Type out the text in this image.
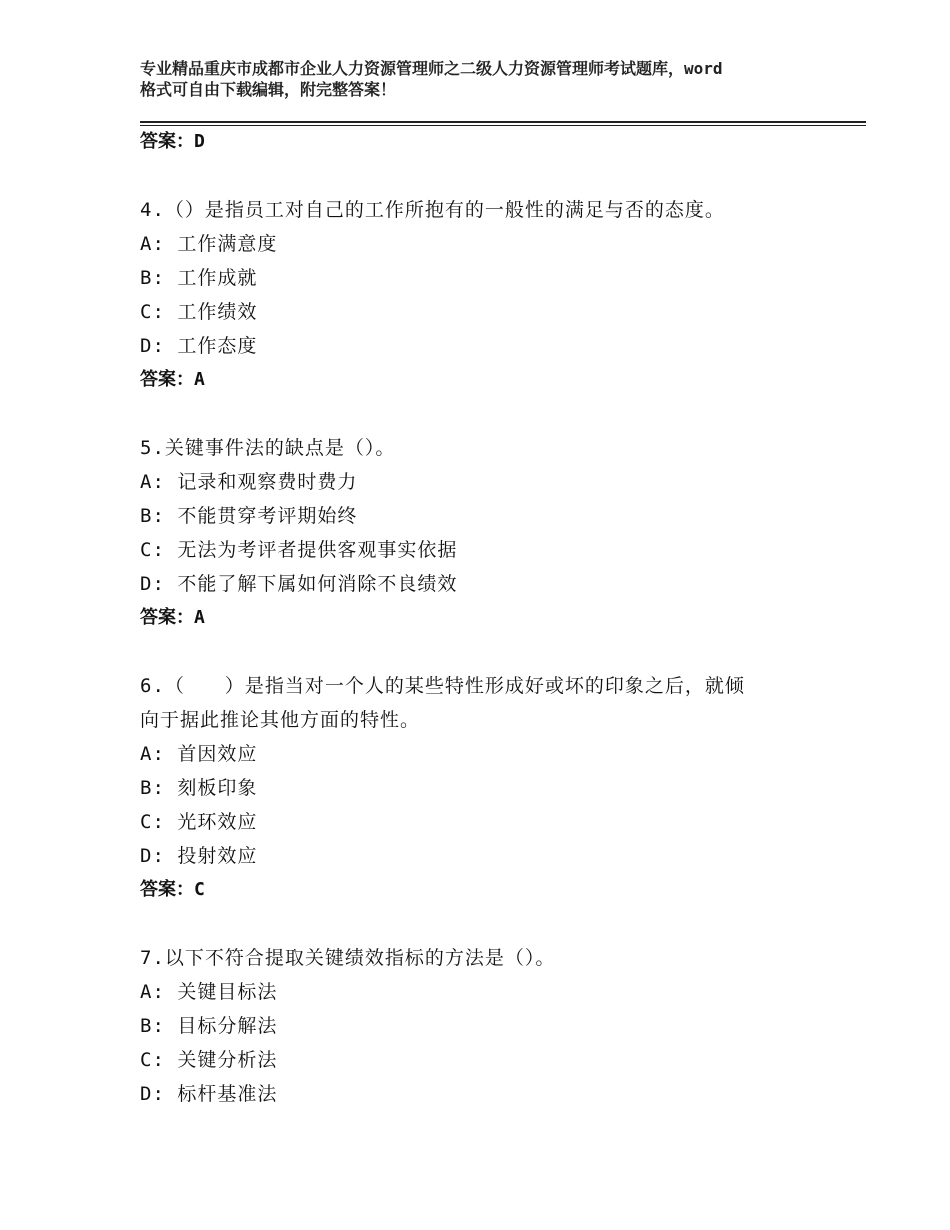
专业精品重庆市成都市企业人力资源管理师之二级人力资源管理师考试题库，word
格式可自由下载编辑，附完整答案！
答案：D
4.（）是指员工对自己的工作所抱有的一般性的满足与否的态度。
A: 工作满意度
B: 工作成就
C: 工作绩效
D: 工作态度
答案：A
5.关键事件法的缺点是（）。
A: 记录和观察费时费力
B: 不能贯穿考评期始终
C: 无法为考评者提供客观事实依据
D: 不能了解下属如何消除不良绩效
答案：A
6.（　　）是指当对一个人的某些特性形成好或坏的印象之后，就倾
向于据此推论其他方面的特性。
A: 首因效应
B: 刻板印象
C: 光环效应
D: 投射效应
答案：C
7.以下不符合提取关键绩效指标的方法是（）。
A: 关键目标法
B: 目标分解法
C: 关键分析法
D: 标杆基准法
